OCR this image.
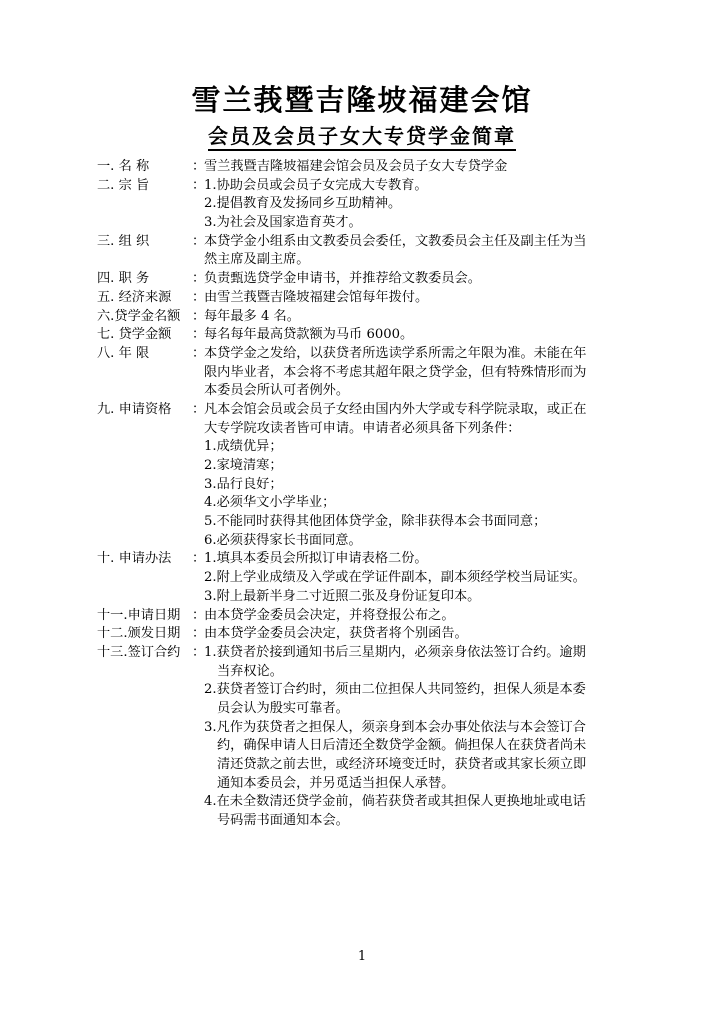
雪兰莪暨吉隆坡福建会馆
会员及会员子女大专贷学金简章
一. 名 称	：
雪兰莪暨吉隆坡福建会馆会员及会员子女大专贷学金
二. 宗 旨	：
1.协助会员或会员子女完成大专教育。
2.提倡教育及发扬同乡互助精神。
3.为社会及国家造育英才。
三. 组 织	：
本贷学金小组系由文教委员会委任，文教委员会主任及副主任为当
然主席及副主席。
四. 职 务	：
负责甄选贷学金申请书，并推荐给文教委员会。
五. 经济来源 ：
由雪兰莪暨吉隆坡福建会馆每年拨付。
六.贷学金名额 ：
每年最多 4 名。
七. 贷学金额 ：
每名每年最高贷款额为马币 6000。
八. 年 限	：
本贷学金之发给，以获贷者所选读学系所需之年限为准。未能在年
限内毕业者，本会将不考虑其超年限之贷学金，但有特殊情形而为
本委员会所认可者例外。
九. 申请资格 ：
凡本会馆会员或会员子女经由国内外大学或专科学院录取，或正在
大专学院攻读者皆可申请。申请者必须具备下列条件：
1.成绩优异；
2.家境清寒；
3.品行良好；
4.必须华文小学毕业；
5.不能同时获得其他团体贷学金，除非获得本会书面同意；
6.必须获得家长书面同意。
十. 申请办法 ：
1.填具本委员会所拟订申请表格二份。
2.附上学业成绩及入学或在学证件副本，副本须经学校当局证实。
3.附上最新半身二寸近照二张及身份证复印本。
十一.申请日期 ：
由本贷学金委员会决定，并将登报公布之。
十二.颁发日期 ：
由本贷学金委员会决定，获贷者将个别函告。
十三.签订合约 ：
1.获贷者於接到通知书后三星期内，必须亲身依法签订合约。逾期
当弃权论。
2.获贷者签订合约时，须由二位担保人共同签约，担保人须是本委
员会认为殷实可靠者。
3.凡作为获贷者之担保人，须亲身到本会办事处依法与本会签订合
约，确保申请人日后清还全数贷学金额。倘担保人在获贷者尚未
清还贷款之前去世，或经济环境变迁时，获贷者或其家长须立即
通知本委员会，并另觅适当担保人承替。
4.在未全数清还贷学金前，倘若获贷者或其担保人更换地址或电话
号码需书面通知本会。
1
